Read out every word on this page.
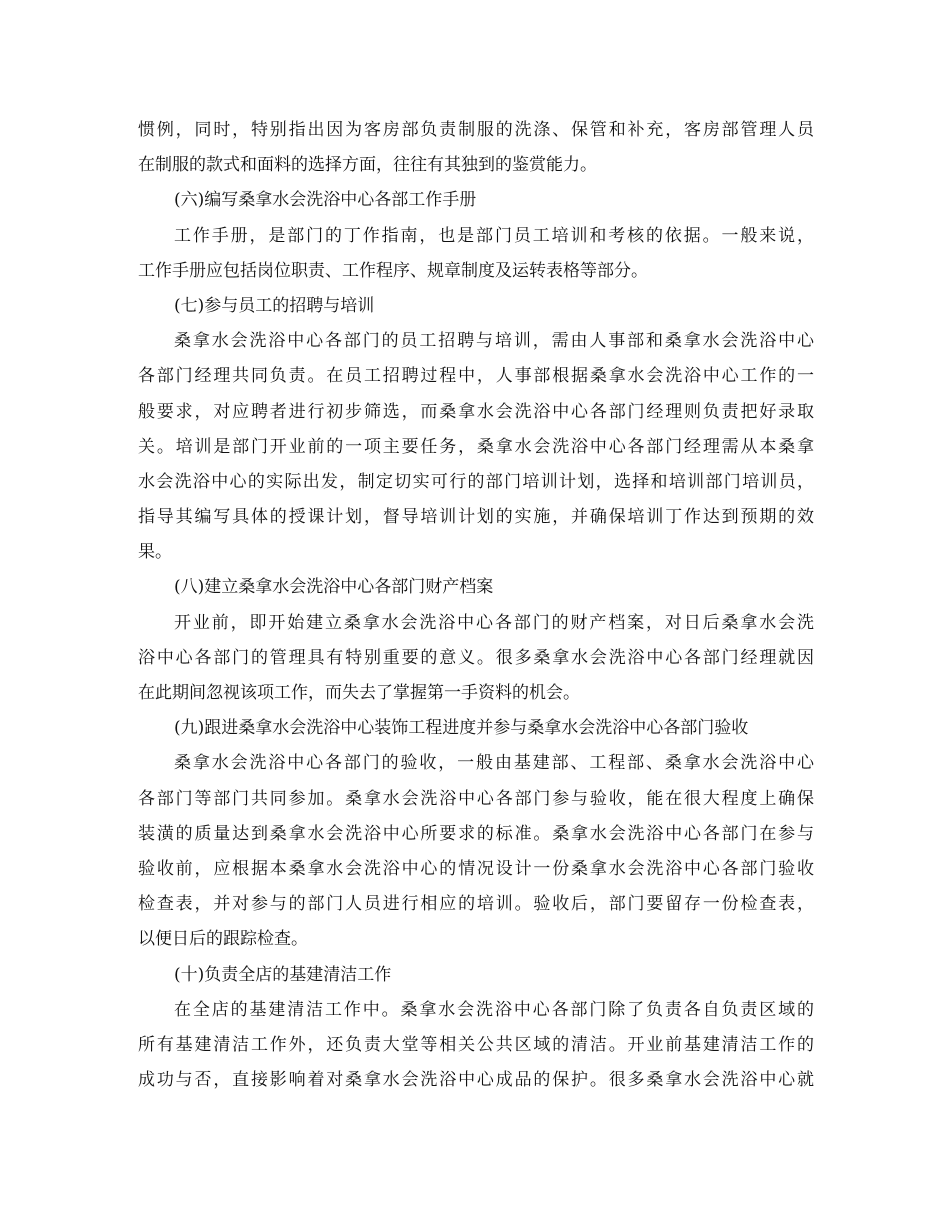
惯例，同时，特别指出因为客房部负责制服的洗涤、保管和补充，客房部管理人员
在制服的款式和面料的选择方面，往往有其独到的鉴赏能力。
(六)编写桑拿水会洗浴中心各部工作手册
工作手册，是部门的丁作指南，也是部门员工培训和考核的依据。一般来说，
工作手册应包括岗位职责、工作程序、规章制度及运转表格等部分。
(七)参与员工的招聘与培训
桑拿水会洗浴中心各部门的员工招聘与培训，需由人事部和桑拿水会洗浴中心
各部门经理共同负责。在员工招聘过程中，人事部根据桑拿水会洗浴中心工作的一
般要求，对应聘者进行初步筛选，而桑拿水会洗浴中心各部门经理则负责把好录取
关。培训是部门开业前的一项主要任务，桑拿水会洗浴中心各部门经理需从本桑拿
水会洗浴中心的实际出发，制定切实可行的部门培训计划，选择和培训部门培训员，
指导其编写具体的授课计划，督导培训计划的实施，并确保培训丁作达到预期的效
果。
(八)建立桑拿水会洗浴中心各部门财产档案
开业前，即开始建立桑拿水会洗浴中心各部门的财产档案，对日后桑拿水会洗
浴中心各部门的管理具有特别重要的意义。很多桑拿水会洗浴中心各部门经理就因
在此期间忽视该项工作，而失去了掌握第一手资料的机会。
(九)跟进桑拿水会洗浴中心装饰工程进度并参与桑拿水会洗浴中心各部门验收
桑拿水会洗浴中心各部门的验收，一般由基建部、工程部、桑拿水会洗浴中心
各部门等部门共同参加。桑拿水会洗浴中心各部门参与验收，能在很大程度上确保
装潢的质量达到桑拿水会洗浴中心所要求的标准。桑拿水会洗浴中心各部门在参与
验收前，应根据本桑拿水会洗浴中心的情况设计一份桑拿水会洗浴中心各部门验收
检查表，并对参与的部门人员进行相应的培训。验收后，部门要留存一份检查表，
以便日后的跟踪检查。
(十)负责全店的基建清洁工作
在全店的基建清洁工作中。桑拿水会洗浴中心各部门除了负责各自负责区域的
所有基建清洁工作外，还负责大堂等相关公共区域的清洁。开业前基建清洁工作的
成功与否，直接影响着对桑拿水会洗浴中心成品的保护。很多桑拿水会洗浴中心就
